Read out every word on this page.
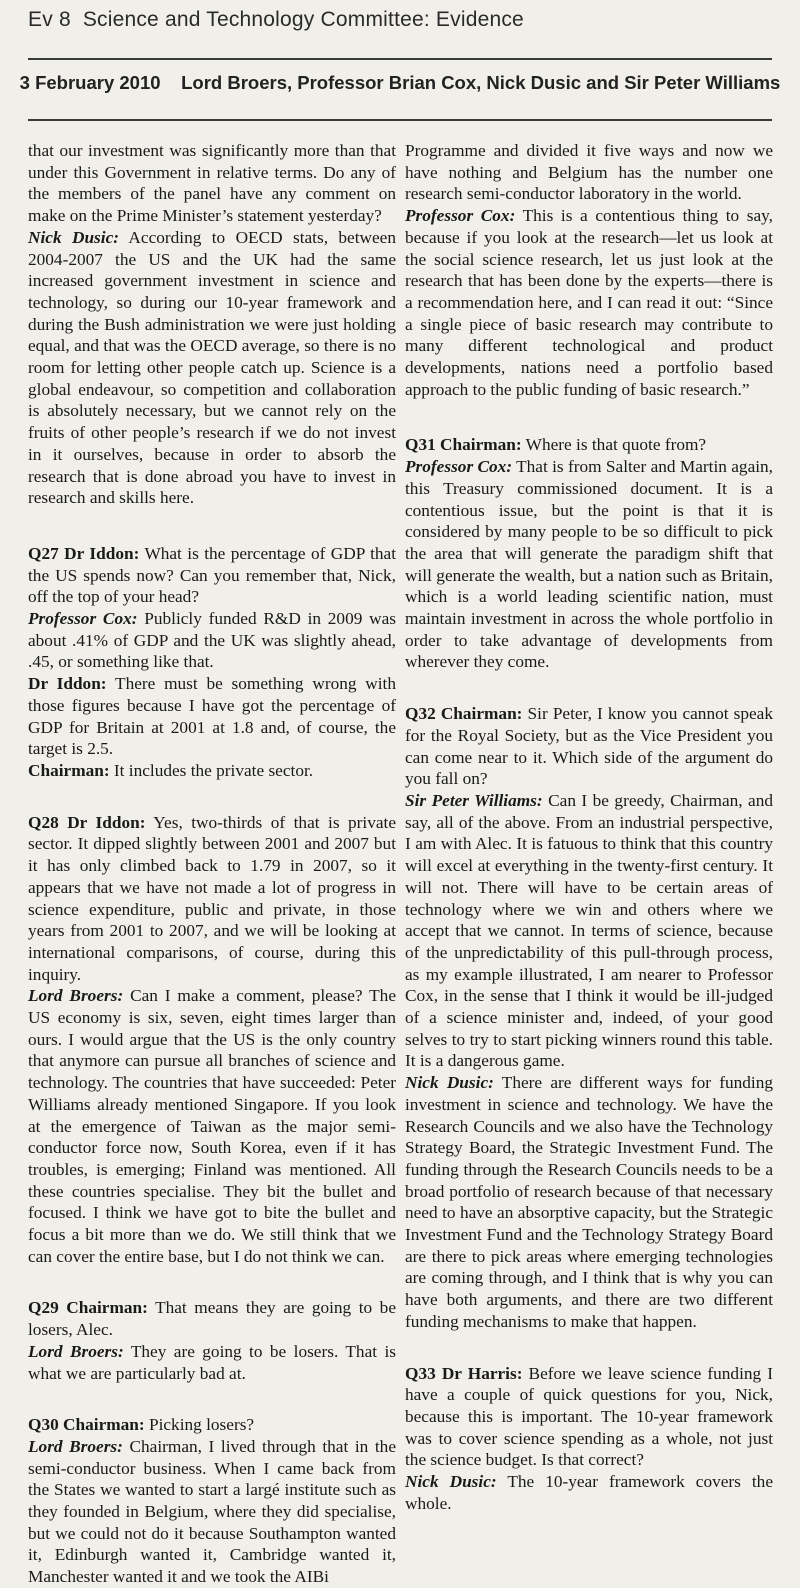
Ev 8 Science and Technology Committee: Evidence
3 February 2010    Lord Broers, Professor Brian Cox, Nick Dusic and Sir Peter Williams

that our investment was significantly more than that under this Government in relative terms. Do any of the members of the panel have any comment on make on the Prime Minister’s statement yesterday?

Nick Dusic: According to OECD stats, between 2004-2007 the US and the UK had the same increased government investment in science and technology, so during our 10-year framework and during the Bush administration we were just holding equal, and that was the OECD average, so there is no room for letting other people catch up. Science is a global endeavour, so competition and collaboration is absolutely necessary, but we cannot rely on the fruits of other people’s research if we do not invest in it ourselves, because in order to absorb the research that is done abroad you have to invest in research and skills here.

Q27 Dr Iddon: What is the percentage of GDP that the US spends now? Can you remember that, Nick, off the top of your head?

Professor Cox: Publicly funded R&D in 2009 was about .41% of GDP and the UK was slightly ahead, .45, or something like that.

Dr Iddon: There must be something wrong with those figures because I have got the percentage of GDP for Britain at 2001 at 1.8 and, of course, the target is 2.5.

Chairman: It includes the private sector.

Q28 Dr Iddon: Yes, two-thirds of that is private sector. It dipped slightly between 2001 and 2007 but it has only climbed back to 1.79 in 2007, so it appears that we have not made a lot of progress in science expenditure, public and private, in those years from 2001 to 2007, and we will be looking at international comparisons, of course, during this inquiry.

Lord Broers: Can I make a comment, please? The US economy is six, seven, eight times larger than ours. I would argue that the US is the only country that anymore can pursue all branches of science and technology. The countries that have succeeded: Peter Williams already mentioned Singapore. If you look at the emergence of Taiwan as the major semi-conductor force now, South Korea, even if it has troubles, is emerging; Finland was mentioned. All these countries specialise. They bit the bullet and focused. I think we have got to bite the bullet and focus a bit more than we do. We still think that we can cover the entire base, but I do not think we can.

Q29 Chairman: That means they are going to be losers, Alec.

Lord Broers: They are going to be losers. That is what we are particularly bad at.

Q30 Chairman: Picking losers?

Lord Broers: Chairman, I lived through that in the semi-conductor business. When I came back from the States we wanted to start a largé institute such as they founded in Belgium, where they did specialise, but we could not do it because Southampton wanted it, Edinburgh wanted it, Cambridge wanted it, Manchester wanted it and we took the AIBi

Programme and divided it five ways and now we have nothing and Belgium has the number one research semi-conductor laboratory in the world.

Professor Cox: This is a contentious thing to say, because if you look at the research—let us look at the social science research, let us just look at the research that has been done by the experts—there is a recommendation here, and I can read it out: “Since a single piece of basic research may contribute to many different technological and product developments, nations need a portfolio based approach to the public funding of basic research.”

Q31 Chairman: Where is that quote from?

Professor Cox: That is from Salter and Martin again, this Treasury commissioned document. It is a contentious issue, but the point is that it is considered by many people to be so difficult to pick the area that will generate the paradigm shift that will generate the wealth, but a nation such as Britain, which is a world leading scientific nation, must maintain investment in across the whole portfolio in order to take advantage of developments from wherever they come.

Q32 Chairman: Sir Peter, I know you cannot speak for the Royal Society, but as the Vice President you can come near to it. Which side of the argument do you fall on?

Sir Peter Williams: Can I be greedy, Chairman, and say, all of the above. From an industrial perspective, I am with Alec. It is fatuous to think that this country will excel at everything in the twenty-first century. It will not. There will have to be certain areas of technology where we win and others where we accept that we cannot. In terms of science, because of the unpredictability of this pull-through process, as my example illustrated, I am nearer to Professor Cox, in the sense that I think it would be ill-judged of a science minister and, indeed, of your good selves to try to start picking winners round this table. It is a dangerous game.

Nick Dusic: There are different ways for funding investment in science and technology. We have the Research Councils and we also have the Technology Strategy Board, the Strategic Investment Fund. The funding through the Research Councils needs to be a broad portfolio of research because of that necessary need to have an absorptive capacity, but the Strategic Investment Fund and the Technology Strategy Board are there to pick areas where emerging technologies are coming through, and I think that is why you can have both arguments, and there are two different funding mechanisms to make that happen.

Q33 Dr Harris: Before we leave science funding I have a couple of quick questions for you, Nick, because this is important. The 10-year framework was to cover science spending as a whole, not just the science budget. Is that correct?

Nick Dusic: The 10-year framework covers the whole.
